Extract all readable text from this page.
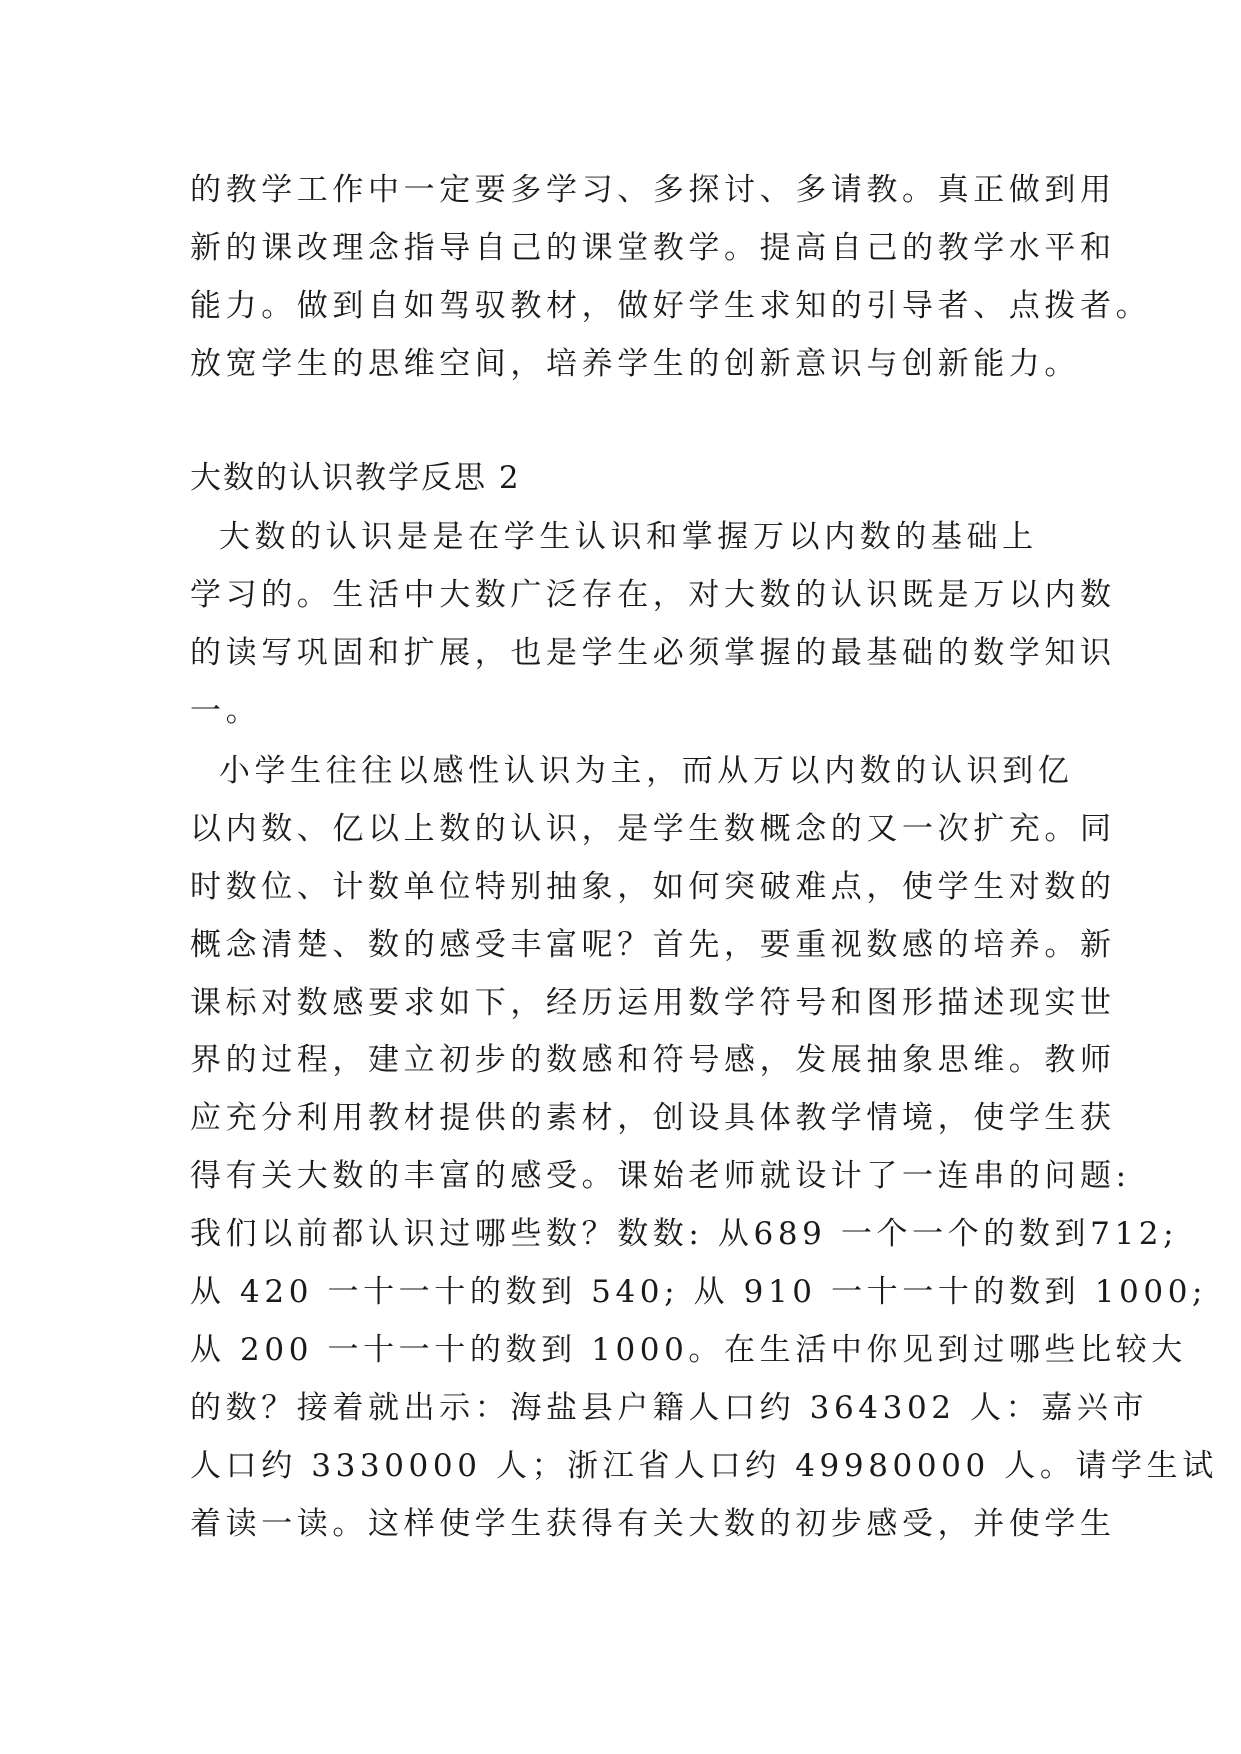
的教学工作中一定要多学习、多探讨、多请教。真正做到用
新的课改理念指导自己的课堂教学。提高自己的教学水平和
能力。做到自如驾驭教材，做好学生求知的引导者、点拨者。
放宽学生的思维空间，培养学生的创新意识与创新能力。
大数的认识教学反思 2
大数的认识是是在学生认识和掌握万以内数的基础上
学习的。生活中大数广泛存在，对大数的认识既是万以内数
的读写巩固和扩展，也是学生必须掌握的最基础的数学知识
一。
小学生往往以感性认识为主，而从万以内数的认识到亿
以内数、亿以上数的认识，是学生数概念的又一次扩充。同
时数位、计数单位特别抽象，如何突破难点，使学生对数的
概念清楚、数的感受丰富呢？首先，要重视数感的培养。新
课标对数感要求如下，经历运用数学符号和图形描述现实世
界的过程，建立初步的数感和符号感，发展抽象思维。教师
应充分利用教材提供的素材，创设具体教学情境，使学生获
得有关大数的丰富的感受。课始老师就设计了一连串的问题:
我们以前都认识过哪些数？数数: 从689 一个一个的数到712;
从 420 一十一十的数到 540; 从 910 一十一十的数到 1000;
从 200 一十一十的数到 1000。在生活中你见到过哪些比较大
的数？接着就出示：海盐县户籍人口约 364302 人：嘉兴市
人口约 3330000 人；浙江省人口约 49980000 人。请学生试
着读一读。这样使学生获得有关大数的初步感受，并使学生
